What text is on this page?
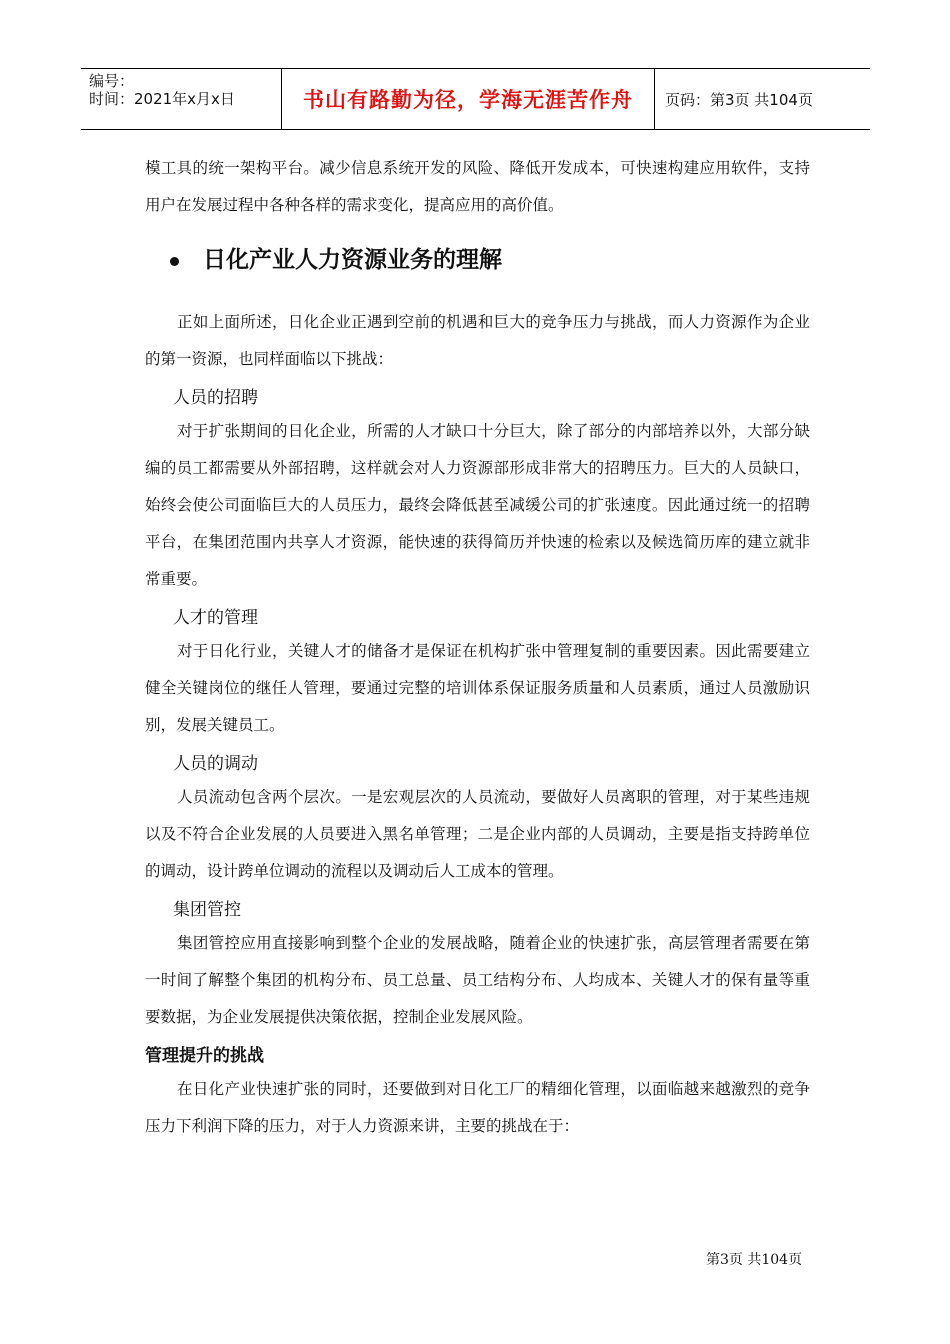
编号：
时间：2021年x月x日	书山有路勤为径，学海无涯苦作舟	页码：第3页 共104页

模工具的统一架构平台。减少信息系统开发的风险、降低开发成本，可快速构建应用软件，支持用户在发展过程中各种各样的需求变化，提高应用的高价值。

日化产业人力资源业务的理解

正如上面所述，日化企业正遇到空前的机遇和巨大的竞争压力与挑战，而人力资源作为企业的第一资源，也同样面临以下挑战：

人员的招聘

对于扩张期间的日化企业，所需的人才缺口十分巨大，除了部分的内部培养以外，大部分缺编的员工都需要从外部招聘，这样就会对人力资源部形成非常大的招聘压力。巨大的人员缺口，始终会使公司面临巨大的人员压力，最终会降低甚至减缓公司的扩张速度。因此通过统一的招聘平台，在集团范围内共享人才资源，能快速的获得简历并快速的检索以及候选简历库的建立就非常重要。

人才的管理

对于日化行业，关键人才的储备才是保证在机构扩张中管理复制的重要因素。因此需要建立健全关键岗位的继任人管理，要通过完整的培训体系保证服务质量和人员素质，通过人员激励识别，发展关键员工。

人员的调动

人员流动包含两个层次。一是宏观层次的人员流动，要做好人员离职的管理，对于某些违规以及不符合企业发展的人员要进入黑名单管理；二是企业内部的人员调动，主要是指支持跨单位的调动，设计跨单位调动的流程以及调动后人工成本的管理。

集团管控

集团管控应用直接影响到整个企业的发展战略，随着企业的快速扩张，高层管理者需要在第一时间了解整个集团的机构分布、员工总量、员工结构分布、人均成本、关键人才的保有量等重要数据，为企业发展提供决策依据，控制企业发展风险。

管理提升的挑战

在日化产业快速扩张的同时，还要做到对日化工厂的精细化管理，以面临越来越激烈的竞争压力下利润下降的压力，对于人力资源来讲，主要的挑战在于：

第3页 共104页
